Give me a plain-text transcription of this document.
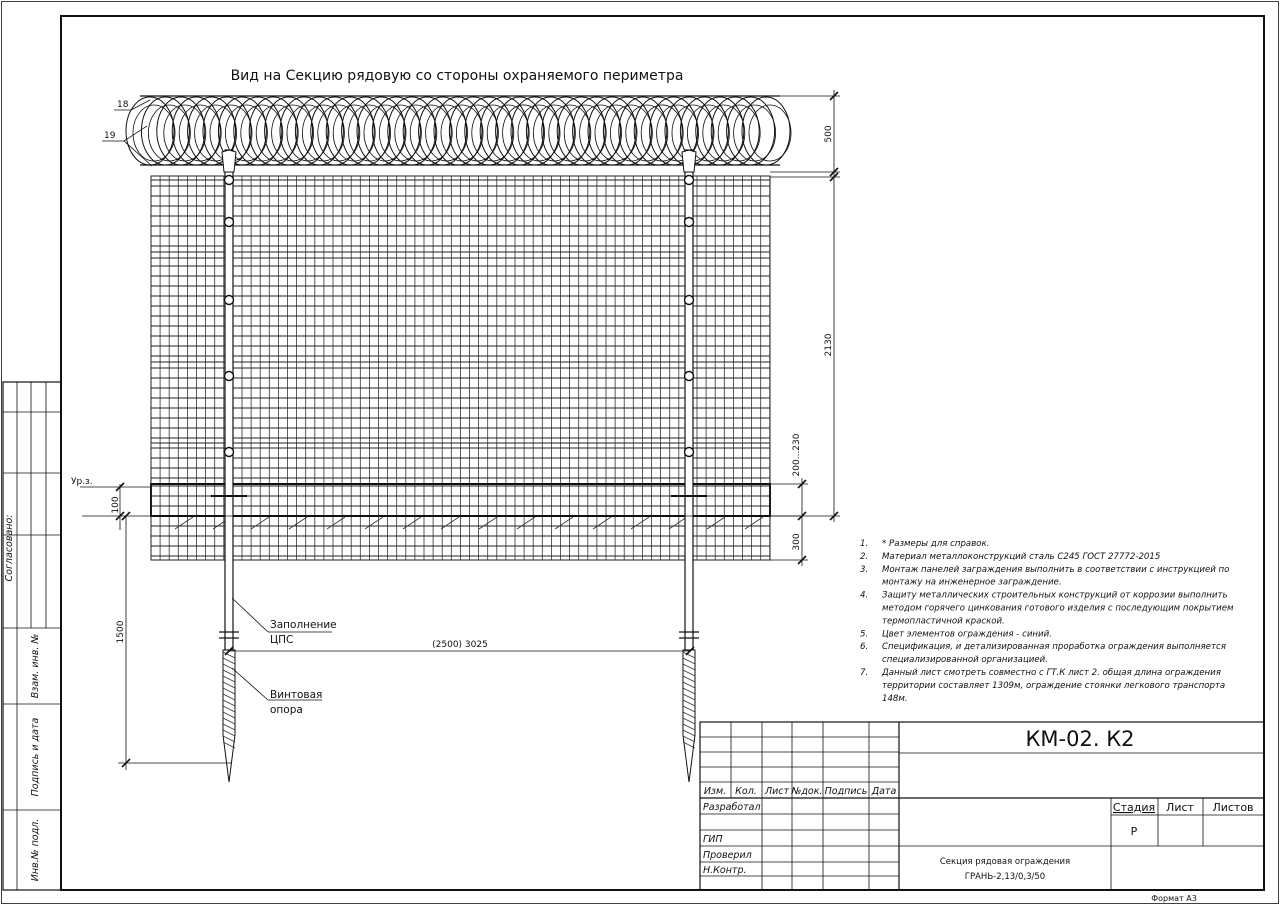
Согласовано:
Взам. инв. №
Подпись и дата
Инв.№ подл.
Вид на Секцию рядовую со стороны охраняемого периметра
18
19	500
2130
200...230
300
Ур.з.
100
1500
(2500) 3025
Заполнение
ЦПС
Винтовая
опора
1. * Размеры для справок.
2. Материал металлоконструкций сталь С245 ГОСТ 27772-2015
3. Монтаж панелей заграждения выполнить в соответствии с инструкцией по
монтажу на инженерное заграждение.
4. Защиту металлических строительных конструкций от коррозии выполнить
методом горячего цинкования готового изделия с последующим покрытием
термопластичной краской.
5. Цвет элементов ограждения - синий.
6. Спецификация, и детализированная проработка ограждения выполняется
специализированной организацией.
7. Данный лист смотреть совместно с ГТ.К лист 2. общая длина ограждения
территории составляет 1309м, ограждение стоянки легкового транспорта
148м.
КМ-02. К2
Изм. Кол. Лист №док. Подпись Дата
Разработал
ГИП
Проверил
Н.Контр.
Стадия Лист Листов
Р
Секция рядовая ограждения
ГРАНЬ-2,13/0,3/50
Формат А3
